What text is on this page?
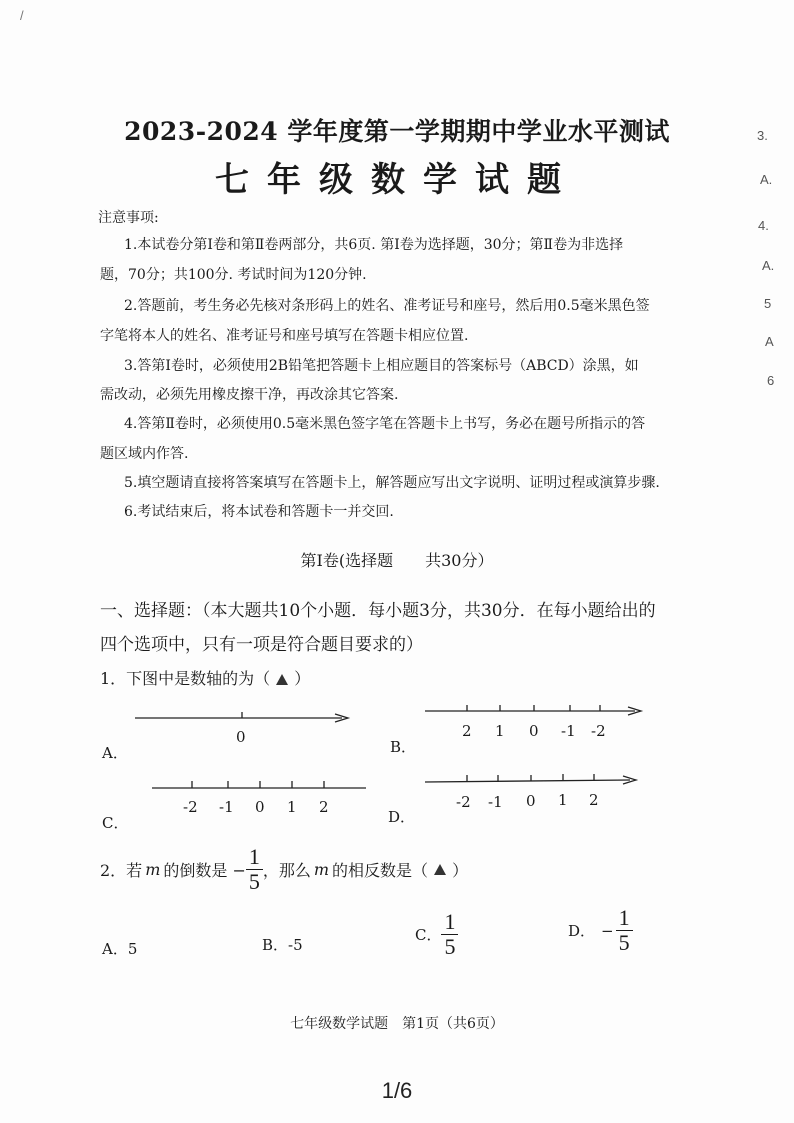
/
3.
A.
4.
A.
5
A
6
2023-2024 学年度第一学期期中学业水平测试
七年级数学试题
注意事项:
1.本试卷分第Ⅰ卷和第Ⅱ卷两部分，共6页. 第Ⅰ卷为选择题，30分；第Ⅱ卷为非选择
题，70分；共100分. 考试时间为120分钟.
2.答题前，考生务必先核对条形码上的姓名、准考证号和座号，然后用0.5毫米黑色签
字笔将本人的姓名、准考证号和座号填写在答题卡相应位置.
3.答第Ⅰ卷时，必须使用2B铅笔把答题卡上相应题目的答案标号（ABCD）涂黑，如
需改动，必须先用橡皮擦干净，再改涂其它答案.
4.答第Ⅱ卷时，必须使用0.5毫米黑色签字笔在答题卡上书写，务必在题号所指示的答
题区域内作答.
5.填空题请直接将答案填写在答题卡上，解答题应写出文字说明、证明过程或演算步骤.
6.考试结束后，将本试卷和答题卡一并交回.
第Ⅰ卷(选择题　　共30分）
一、选择题：（本大题共10个小题．每小题3分，共30分．在每小题给出的
四个选项中，只有一项是符合题目要求的）
1．下图中是数轴的为（ ）
A．
0
B．
2 1 0 -1 -2
C．
-2 -1 0 1 2
D．
-2 -1 0 1 2
2．若 m 的倒数是 − $\frac{1}{5}$ ，那么 m 的相反数是（ ）
A．5	B．-5
C． $\frac{1}{5}$	D． − $\frac{1}{5}$
七年级数学试题　第1页（共6页）
1/6
